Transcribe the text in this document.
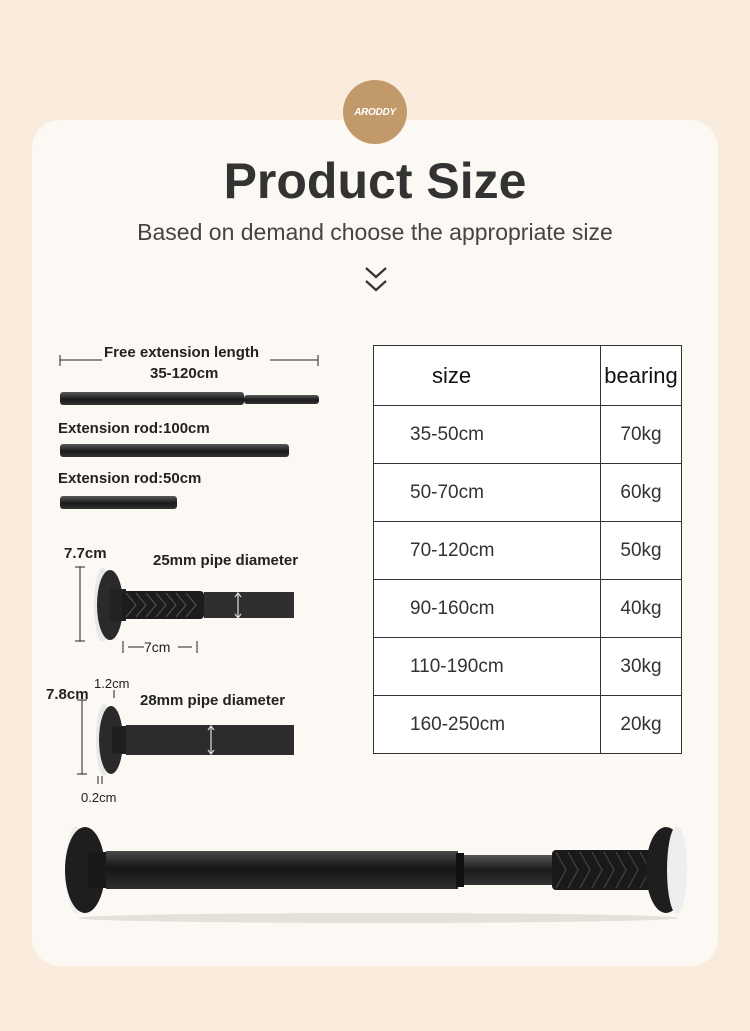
ARODDY
Product Size
Based on demand choose the appropriate size
Free extension length
35-120cm
Extension rod:100cm
Extension rod:50cm
7.7cm	25mm pipe diameter
7cm
1.2cm
7.8cm	28mm pipe diameter
0.2cm
size	bearing
35-50cm	70kg
50-70cm	60kg
70-120cm	50kg
90-160cm	40kg
110-190cm	30kg
160-250cm	20kg
